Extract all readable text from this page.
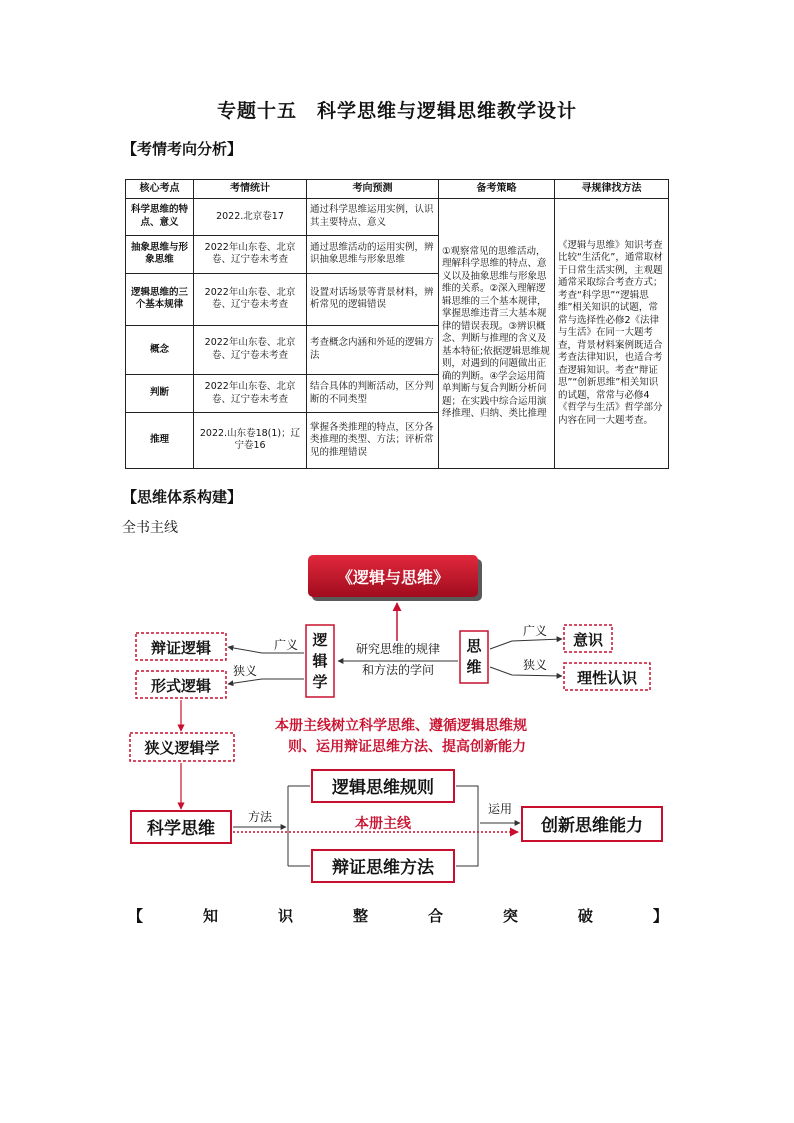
专题十五　科学思维与逻辑思维教学设计
【考情考向分析】
核心考点	考情统计	考向预测	备考策略	寻规律找方法
科学思维的特点、意义	2022.北京卷17	通过科学思维运用实例，认识其主要特点、意义	①观察常见的思维活动，理解科学思维的特点、意义以及抽象思维与形象思维的关系。②深入理解逻辑思维的三个基本规律，掌握思维违背三大基本规律的错误表现。③辨识概念、判断与推理的含义及基本特征;依据逻辑思维规则，对遇到的问题做出正确的判断。④学会运用简单判断与复合判断分析问题；在实践中综合运用演绎推理、归纳、类比推理	《逻辑与思维》知识考查比较“生活化”，通常取材于日常生活实例，主观题通常采取综合考查方式；考查“科学思”“逻辑思维”相关知识的试题，常常与选择性必修2《法律与生活》在同一大题考查，背景材料案例既适合考查法律知识，也适合考查逻辑知识。考查“辩证思”“创新思维”相关知识的试题，常常与必修4《哲学与生活》哲学部分内容在同一大题考查。
抽象思维与形象思维	2022年山东卷、北京卷、辽宁卷未考查	通过思维活动的运用实例，辨识抽象思维与形象思维		
逻辑思维的三个基本规律	2022年山东卷、北京卷、辽宁卷未考查	设置对话场景等背景材料，辨析常见的逻辑错误		
概念	2022年山东卷、北京卷、辽宁卷未考查	考查概念内涵和外延的逻辑方法		
判断	2022年山东卷、北京卷、辽宁卷未考查	结合具体的判断活动，区分判断的不同类型		
推理	2022.山东卷18(1)；辽宁卷16	掌握各类推理的特点，区分各类推理的类型、方法；评析常见的推理错误		
【思维体系构建】
全书主线
《逻辑与思维》
逻辑学
思维
研究思维的规律
和方法的学问
辩证逻辑
形式逻辑
广义
狭义
意识
理性认识
广义
狭义
狭义逻辑学
本册主线树立科学思维、遵循逻辑思维规
则、运用辩证思维方法、提高创新能力
科学思维
逻辑思维规则
辩证思维方法
创新思维能力
方法
运用
本册主线
【	知	识	整	合	突	破	】
